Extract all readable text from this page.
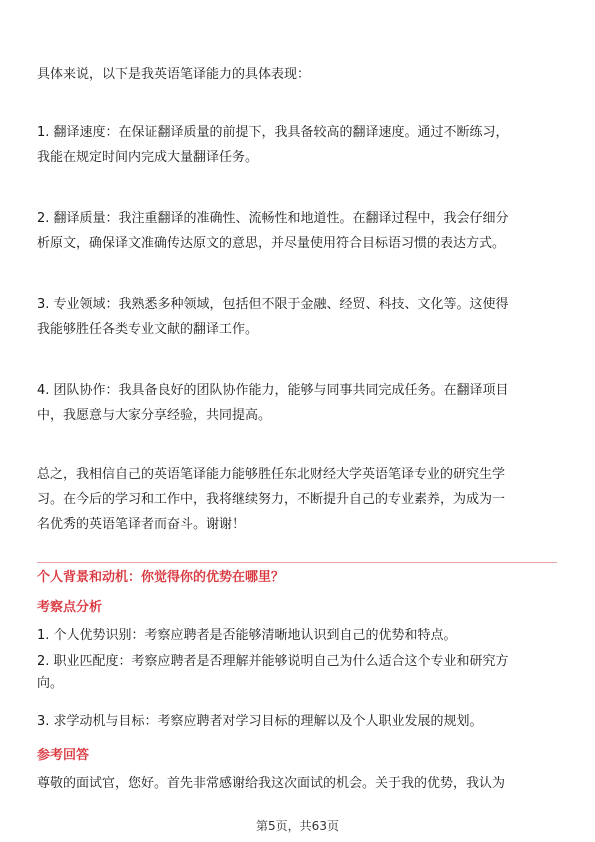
具体来说，以下是我英语笔译能力的具体表现：

1. 翻译速度：在保证翻译质量的前提下，我具备较高的翻译速度。通过不断练习，
我能在规定时间内完成大量翻译任务。

2. 翻译质量：我注重翻译的准确性、流畅性和地道性。在翻译过程中，我会仔细分
析原文，确保译文准确传达原文的意思，并尽量使用符合目标语习惯的表达方式。

3. 专业领域：我熟悉多种领域，包括但不限于金融、经贸、科技、文化等。这使得
我能够胜任各类专业文献的翻译工作。

4. 团队协作：我具备良好的团队协作能力，能够与同事共同完成任务。在翻译项目
中，我愿意与大家分享经验，共同提高。

总之，我相信自己的英语笔译能力能够胜任东北财经大学英语笔译专业的研究生学
习。在今后的学习和工作中，我将继续努力，不断提升自己的专业素养，为成为一
名优秀的英语笔译者而奋斗。谢谢！

个人背景和动机：你觉得你的优势在哪里？

考察点分析

1. 个人优势识别：考察应聘者是否能够清晰地认识到自己的优势和特点。

2. 职业匹配度：考察应聘者是否理解并能够说明自己为什么适合这个专业和研究方
向。

3. 求学动机与目标：考察应聘者对学习目标的理解以及个人职业发展的规划。

参考回答

尊敬的面试官，您好。首先非常感谢给我这次面试的机会。关于我的优势，我认为

第5页，共63页
